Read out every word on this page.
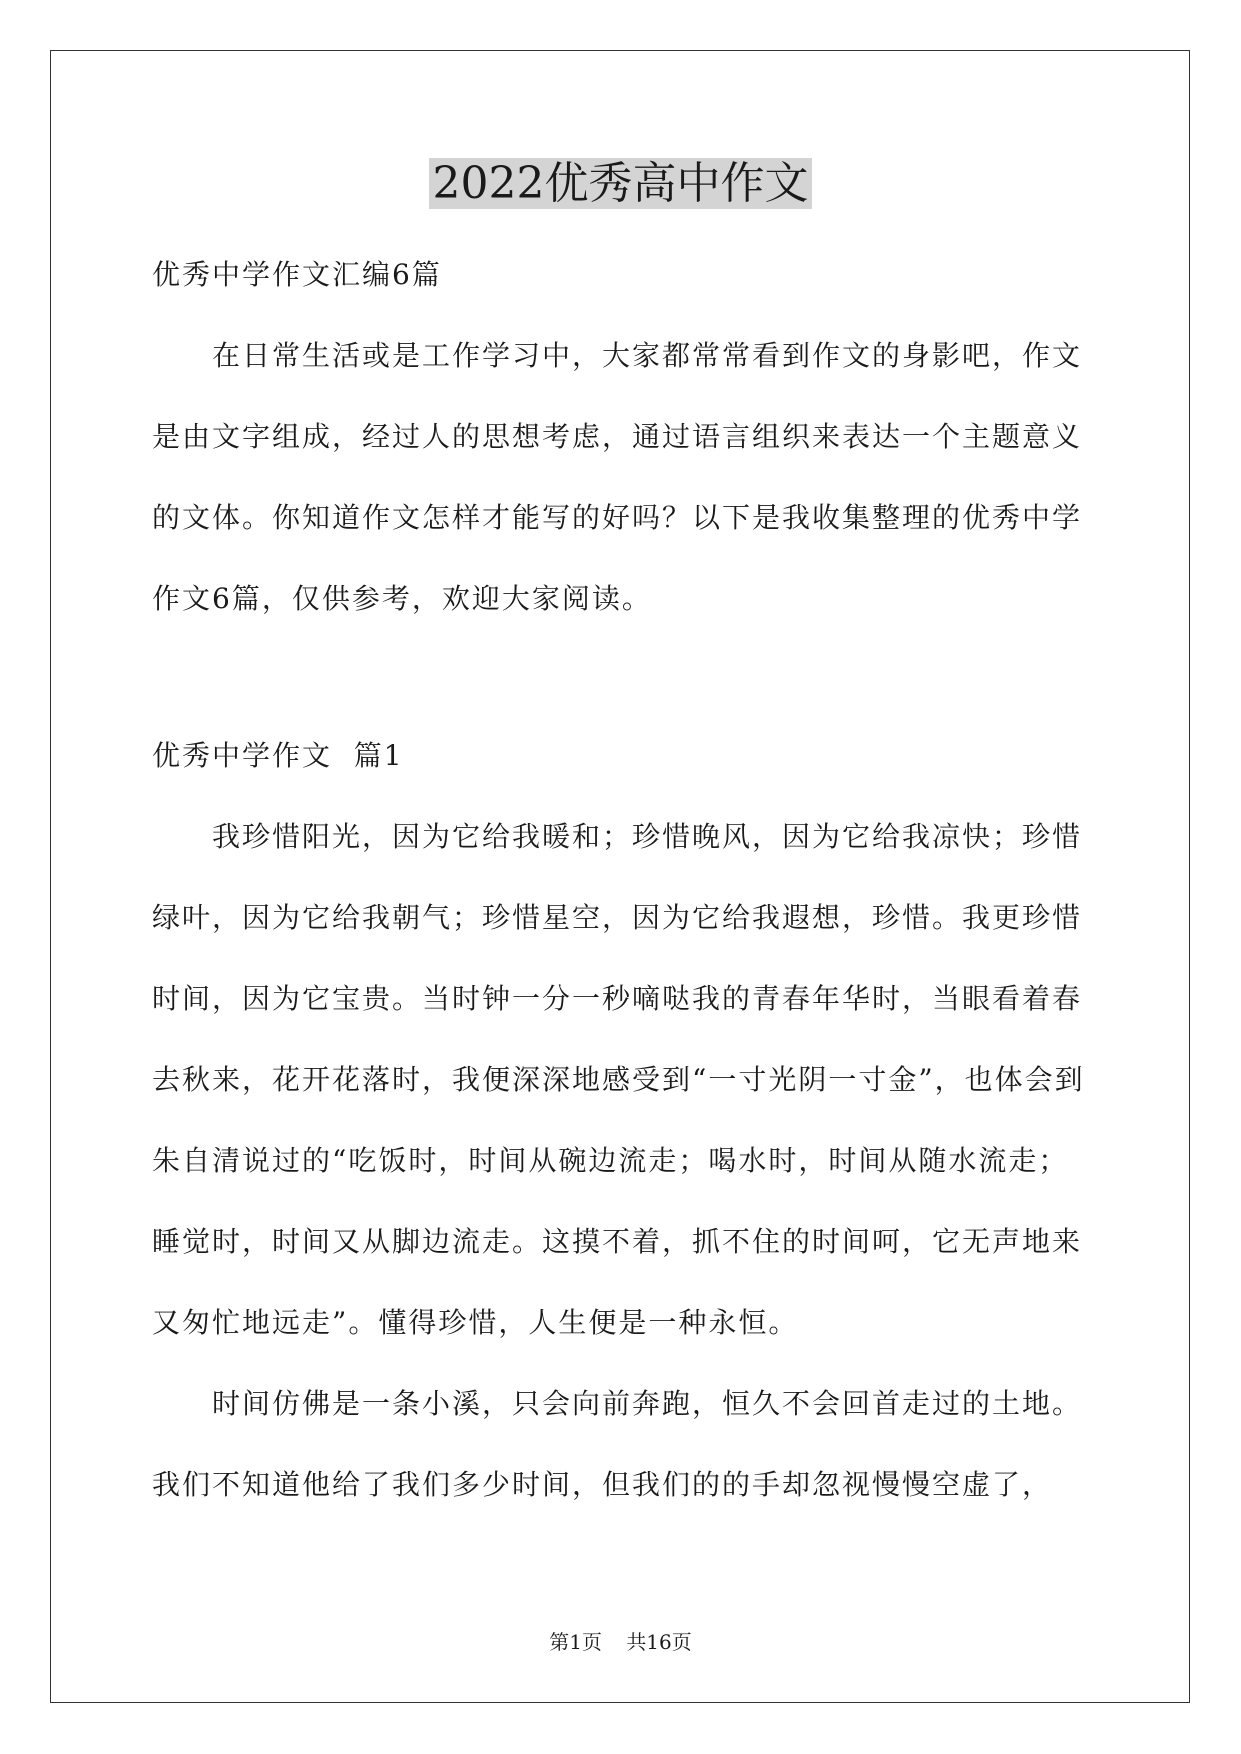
2022优秀高中作文

优秀中学作文汇编6篇

在日常生活或是工作学习中，大家都常常看到作文的身影吧，作文是由文字组成，经过人的思想考虑，通过语言组织来表达一个主题意义的文体。你知道作文怎样才能写的好吗？以下是我收集整理的优秀中学作文6篇，仅供参考，欢迎大家阅读。

优秀中学作文  篇1

我珍惜阳光，因为它给我暖和；珍惜晚风，因为它给我凉快；珍惜绿叶，因为它给我朝气；珍惜星空，因为它给我遐想，珍惜。我更珍惜时间，因为它宝贵。当时钟一分一秒嘀哒我的青春年华时，当眼看着春去秋来，花开花落时，我便深深地感受到“一寸光阴一寸金”，也体会到朱自清说过的“吃饭时，时间从碗边流走；喝水时，时间从随水流走；睡觉时，时间又从脚边流走。这摸不着，抓不住的时间呵，它无声地来又匆忙地远走”。懂得珍惜，人生便是一种永恒。

时间仿佛是一条小溪，只会向前奔跑，恒久不会回首走过的土地。我们不知道他给了我们多少时间，但我们的的手却忽视慢慢空虚了，

第1页 共16页
